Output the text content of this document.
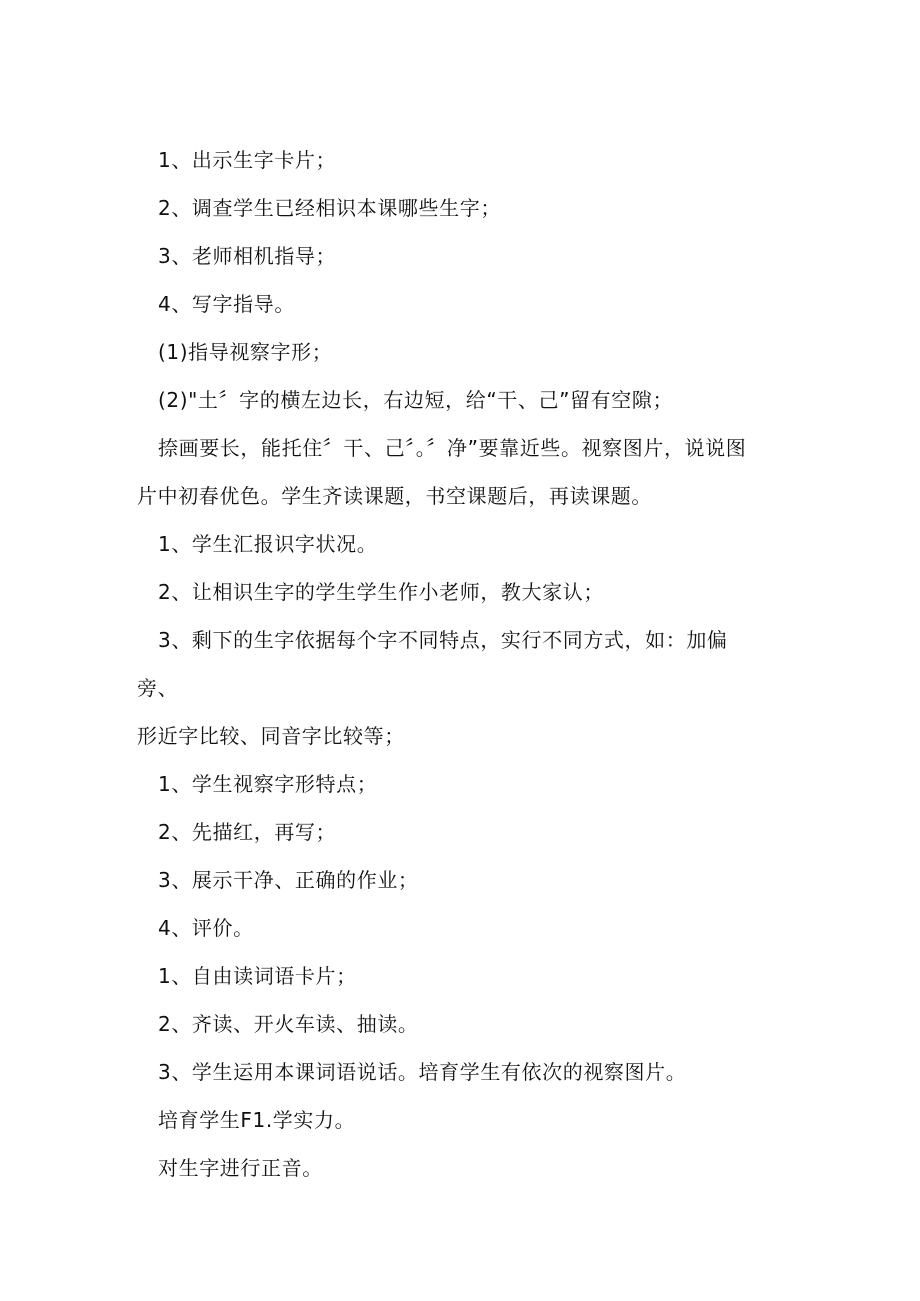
1、出示生字卡片；

2、调查学生已经相识本课哪些生字；

3、老师相机指导；

4、写字指导。

(1)指导视察字形；

(2)"土〞字的横左边长，右边短，给“干、己”留有空隙；

捺画要长，能托住〞干、己〞。〞净”要靠近些。视察图片，说说图

片中初春优色。学生齐读课题，书空课题后，再读课题。

1、学生汇报识字状况。

2、让相识生字的学生学生作小老师，教大家认；

3、剩下的生字依据每个字不同特点，实行不同方式，如：加偏

旁、

形近字比较、同音字比较等；

1、学生视察字形特点；

2、先描红，再写；

3、展示干净、正确的作业；

4、评价。

1、自由读词语卡片；

2、齐读、开火车读、抽读。

3、学生运用本课词语说话。培育学生有依次的视察图片。

培育学生F1.学实力。

对生字进行正音。
